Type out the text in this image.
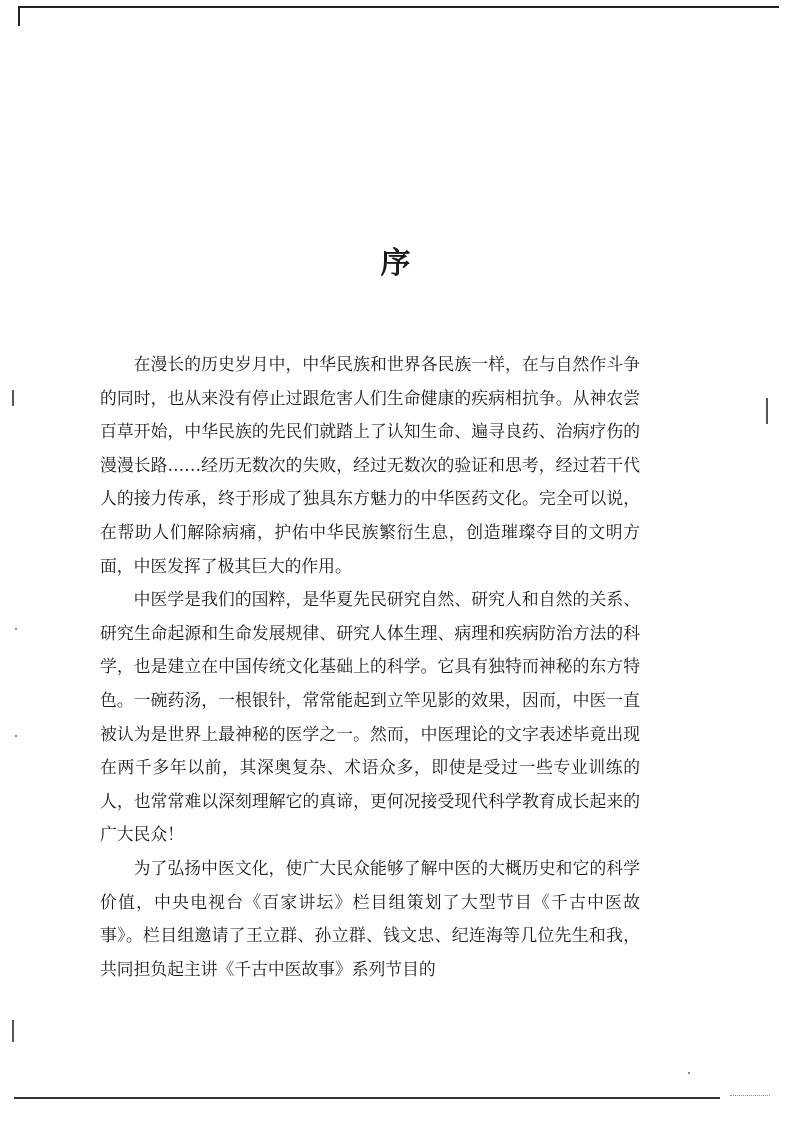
序

在漫长的历史岁月中，中华民族和世界各民族一样，在与自然作斗争的同时，也从来没有停止过跟危害人们生命健康的疾病相抗争。从神农尝百草开始，中华民族的先民们就踏上了认知生命、遍寻良药、治病疗伤的漫漫长路……经历无数次的失败，经过无数次的验证和思考，经过若干代人的接力传承，终于形成了独具东方魅力的中华医药文化。完全可以说，在帮助人们解除病痛，护佑中华民族繁衍生息，创造璀璨夺目的文明方面，中医发挥了极其巨大的作用。

中医学是我们的国粹，是华夏先民研究自然、研究人和自然的关系、研究生命起源和生命发展规律、研究人体生理、病理和疾病防治方法的科学，也是建立在中国传统文化基础上的科学。它具有独特而神秘的东方特色。一碗药汤，一根银针，常常能起到立竿见影的效果，因而，中医一直被认为是世界上最神秘的医学之一。然而，中医理论的文字表述毕竟出现在两千多年以前，其深奥复杂、术语众多，即使是受过一些专业训练的人，也常常难以深刻理解它的真谛，更何况接受现代科学教育成长起来的广大民众！

为了弘扬中医文化，使广大民众能够了解中医的大概历史和它的科学价值，中央电视台《百家讲坛》栏目组策划了大型节目《千古中医故事》。栏目组邀请了王立群、孙立群、钱文忠、纪连海等几位先生和我，共同担负起主讲《千古中医故事》系列节目的
